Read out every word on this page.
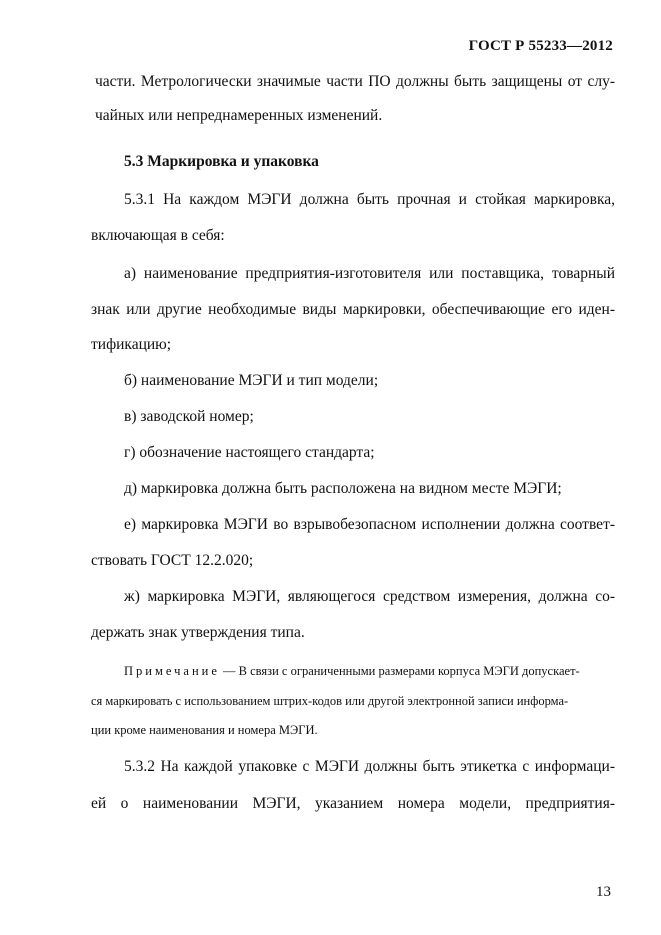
ГОСТ Р 55233—2012
части. Метрологически значимые части ПО должны быть защищены от слу-
чайных или непреднамеренных изменений.
5.3 Маркировка и упаковка
5.3.1 На каждом МЭГИ должна быть прочная и стойкая маркировка,
включающая в себя:
а) наименование предприятия-изготовителя или поставщика, товарный
знак или другие необходимые виды маркировки, обеспечивающие его иден-
тификацию;
б) наименование МЭГИ и тип модели;
в) заводской номер;
г) обозначение настоящего стандарта;
д) маркировка должна быть расположена на видном месте МЭГИ;
е) маркировка МЭГИ во взрывобезопасном исполнении должна соответ-
ствовать ГОСТ 12.2.020;
ж) маркировка МЭГИ, являющегося средством измерения, должна со-
держать знак утверждения типа.
Примечание — В связи с ограниченными размерами корпуса МЭГИ допускает-
ся маркировать с использованием штрих-кодов или другой электронной записи информа-
ции кроме наименования и номера МЭГИ.
5.3.2 На каждой упаковке с МЭГИ должны быть этикетка с информаци-
ей о наименовании МЭГИ, указанием номера модели, предприятия-
13
